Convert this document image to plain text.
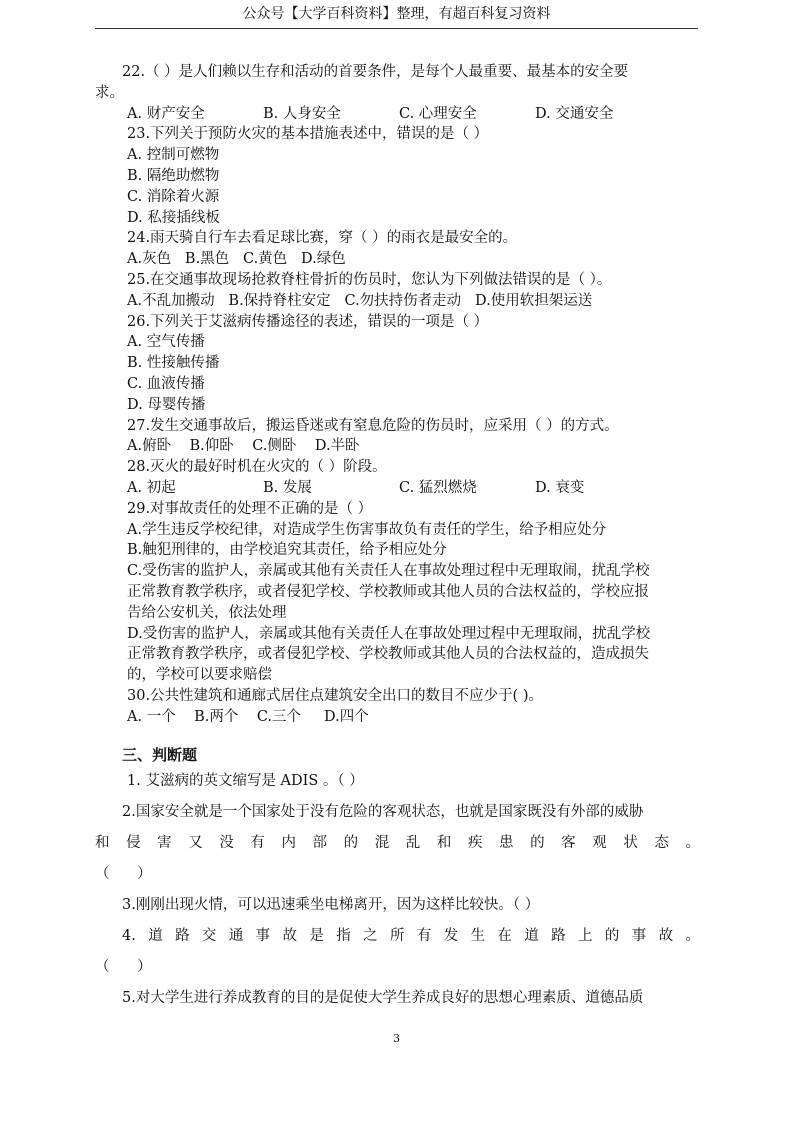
公众号【大学百科资料】整理，有超百科复习资料
22.（ ）是人们赖以生存和活动的首要条件，是每个人最重要、最基本的安全要
求。
A. 财产安全	B. 人身安全	C. 心理安全	D. 交通安全
23.下列关于预防火灾的基本措施表述中，错误的是（ ）
A. 控制可燃物
B. 隔绝助燃物
C. 消除着火源
D. 私接插线板
24.雨天骑自行车去看足球比赛，穿（ ）的雨衣是最安全的。
A.灰色   B.黑色   C.黄色   D.绿色
25.在交通事故现场抢救脊柱骨折的伤员时，您认为下列做法错误的是（ ）。
A.不乱加搬动   B.保持脊柱安定   C.勿扶持伤者走动   D.使用软担架运送
26.下列关于艾滋病传播途径的表述，错误的一项是（ ）
A. 空气传播
B. 性接触传播
C. 血液传播
D. 母婴传播
27.发生交通事故后，搬运昏迷或有窒息危险的伤员时，应采用（ ）的方式。
A.俯卧    B.仰卧    C.侧卧    D.半卧
28.灭火的最好时机在火灾的（ ）阶段。
A. 初起	B. 发展	C. 猛烈燃烧	D. 衰变
29.对事故责任的处理不正确的是（ ）
A.学生违反学校纪律，对造成学生伤害事故负有责任的学生，给予相应处分
B.触犯刑律的，由学校追究其责任，给予相应处分
C.受伤害的监护人，亲属或其他有关责任人在事故处理过程中无理取闹，扰乱学校
正常教育教学秩序，或者侵犯学校、学校教师或其他人员的合法权益的，学校应报
告给公安机关，依法处理
D.受伤害的监护人，亲属或其他有关责任人在事故处理过程中无理取闹，扰乱学校
正常教育教学秩序，或者侵犯学校、学校教师或其他人员的合法权益的，造成损失
的，学校可以要求赔偿
30.公共性建筑和通廊式居住点建筑安全出口的数目不应少于( )。
A. 一个    B.两个    C.三个     D.四个
三、判断题
1. 艾滋病的英文缩写是 ADIS 。（ ）
2.国家安全就是一个国家处于没有危险的客观状态，也就是国家既没有外部的威胁
和侵害又没有内部的混乱和疾患的客观状态。
（      ）
3.刚刚出现火情，可以迅速乘坐电梯离开，因为这样比较快。（ ）
4.道路交通事故是指之所有发生在道路上的事故。
（      ）
5.对大学生进行养成教育的目的是促使大学生养成良好的思想心理素质、道德品质
3
